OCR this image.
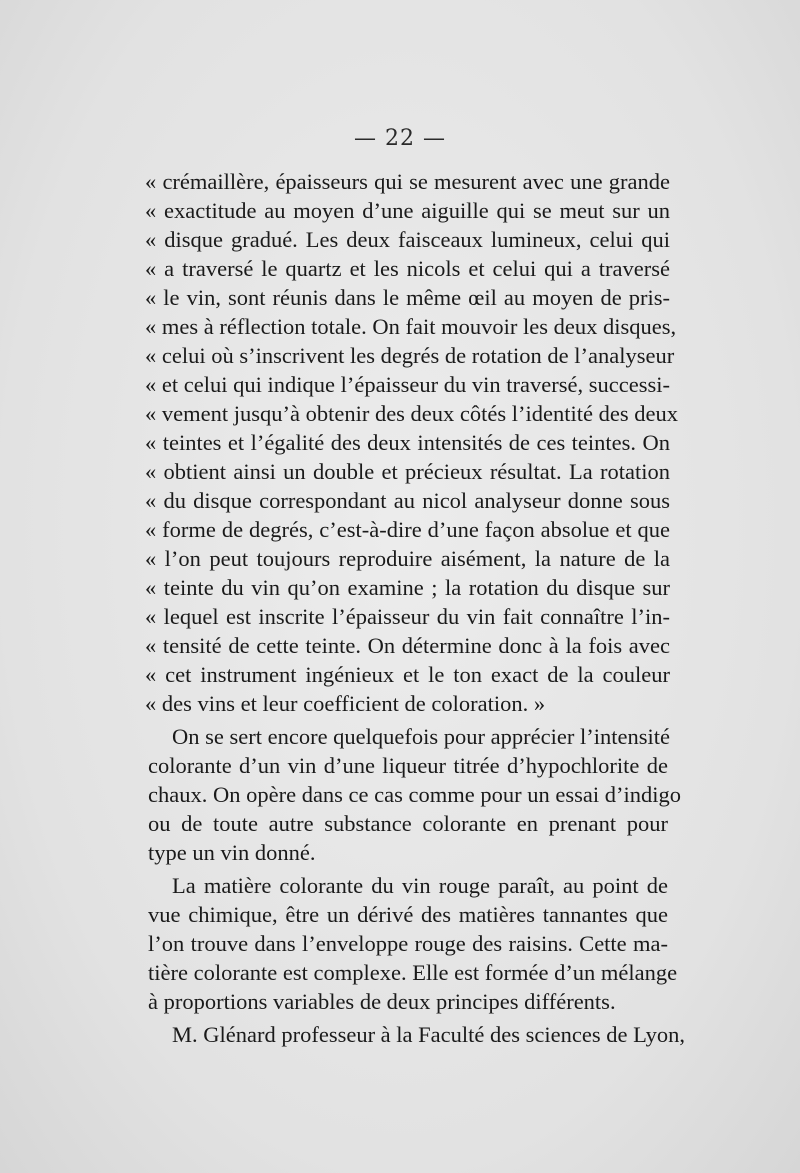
— 22 —
« crémaillère, épaisseurs qui se mesurent avec une grande
« exactitude au moyen d’une aiguille qui se meut sur un
« disque gradué. Les deux faisceaux lumineux, celui qui
« a traversé le quartz et les nicols et celui qui a traversé
« le vin, sont réunis dans le même œil au moyen de pris-
« mes à réflection totale. On fait mouvoir les deux disques,
« celui où s’inscrivent les degrés de rotation de l’analyseur
« et celui qui indique l’épaisseur du vin traversé, successi-
« vement jusqu’à obtenir des deux côtés l’identité des deux
« teintes et l’égalité des deux intensités de ces teintes. On
« obtient ainsi un double et précieux résultat. La rotation
« du disque correspondant au nicol analyseur donne sous
« forme de degrés, c’est-à-dire d’une façon absolue et que
« l’on peut toujours reproduire aisément, la nature de la
« teinte du vin qu’on examine ; la rotation du disque sur
« lequel est inscrite l’épaisseur du vin fait connaître l’in-
« tensité de cette teinte. On détermine donc à la fois avec
« cet instrument ingénieux et le ton exact de la couleur
« des vins et leur coefficient de coloration. »
On se sert encore quelquefois pour apprécier l’intensité
colorante d’un vin d’une liqueur titrée d’hypochlorite de
chaux. On opère dans ce cas comme pour un essai d’indigo
ou de toute autre substance colorante en prenant pour
type un vin donné.
La matière colorante du vin rouge paraît, au point de
vue chimique, être un dérivé des matières tannantes que
l’on trouve dans l’enveloppe rouge des raisins. Cette ma-
tière colorante est complexe. Elle est formée d’un mélange
à proportions variables de deux principes différents.
M. Glénard professeur à la Faculté des sciences de Lyon,
